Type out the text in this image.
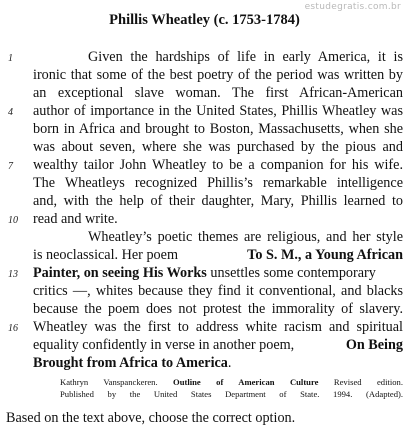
estudegratis.com.br
Phillis Wheatley (c. 1753-1784)
1
4
7
10
13
16
Given the hardships of life in early America, it is
ironic that some of the best poetry of the period was written by
an exceptional slave woman. The first African-American
author of importance in the United States, Phillis Wheatley was
born in Africa and brought to Boston, Massachusetts, when she
was about seven, where she was purchased by the pious and
wealthy tailor John Wheatley to be a companion for his wife.
The Wheatleys recognized Phillis’s remarkable intelligence
and, with the help of their daughter, Mary, Phillis learned to
read and write.
Wheatley’s poetic themes are religious, and her style
is neoclassical. Her poem	To S. M., a Young African
Painter, on seeing His Works unsettles some contemporary
critics —, whites because they find it conventional, and blacks
because the poem does not protest the immorality of slavery.
Wheatley was the first to address white racism and spiritual
equality confidently in verse in another poem,	On Being
Brought from Africa to America.
Kathryn Vanspanckeren. Outline of American Culture Revised edition.
Published by the United States Department of State. 1994. (Adapted).
Based on the text above, choose the correct option.
